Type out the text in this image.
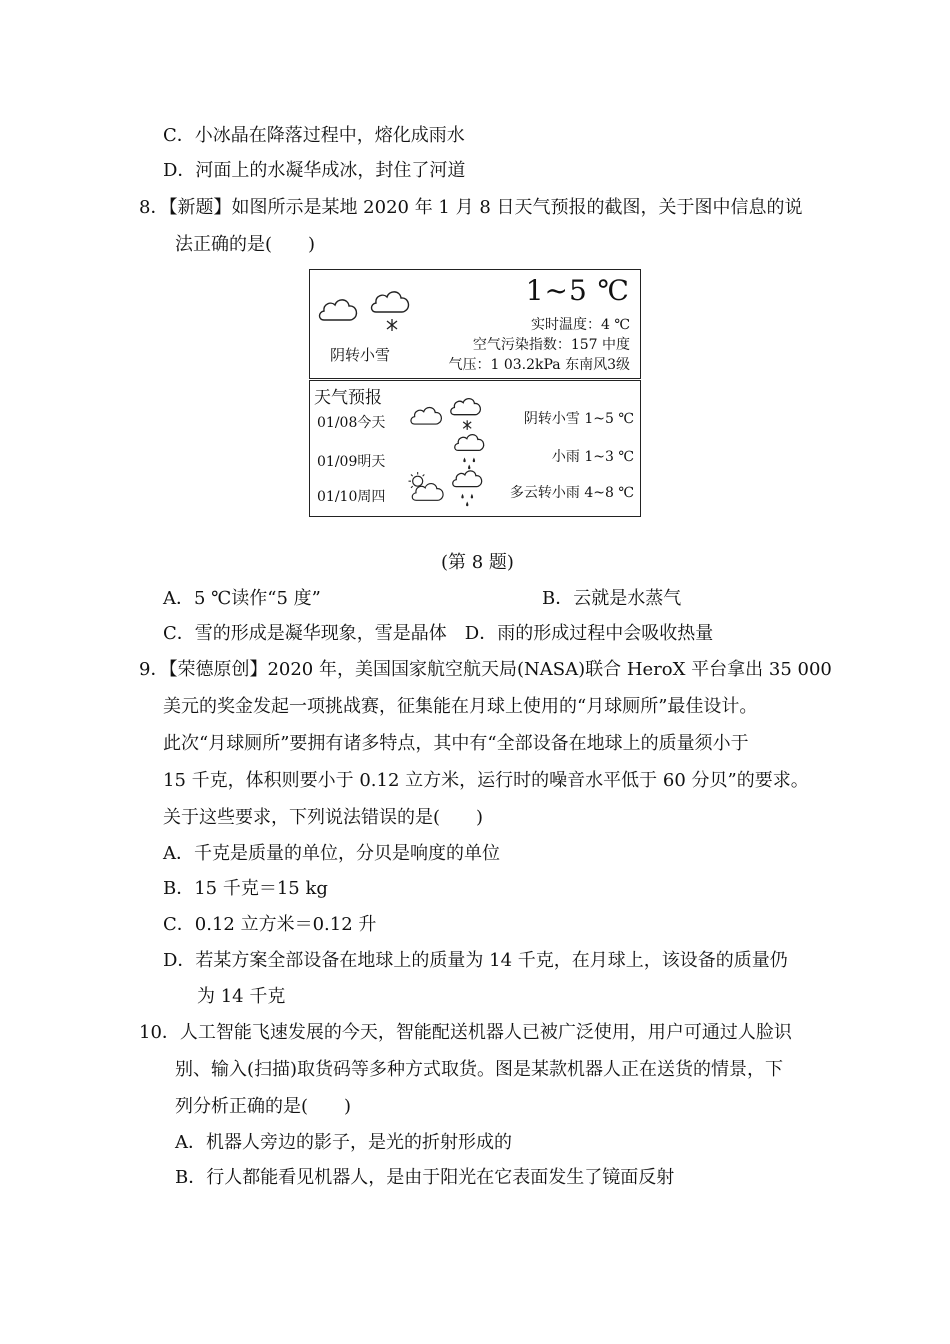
C．小冰晶在降落过程中，熔化成雨水
D．河面上的水凝华成冰，封住了河道
8．【新题】如图所示是某地 2020 年 1 月 8 日天气预报的截图，关于图中信息的说
法正确的是(　　)
阴转小雪
1~5 ℃
实时温度：4 ℃
空气污染指数：157 中度
气压：1 03.2kPa 东南风3级
天气预报
01/08今天	阴转小雪 1~5 ℃
01/09明天	小雨 1~3 ℃
01/10周四	多云转小雨 4~8 ℃
(第 8 题)
A．5 ℃读作“5 度”	B．云就是水蒸气
C．雪的形成是凝华现象，雪是晶体　D．雨的形成过程中会吸收热量
9．【荣德原创】2020 年，美国国家航空航天局(NASA)联合 HeroX 平台拿出 35 000
美元的奖金发起一项挑战赛，征集能在月球上使用的“月球厕所”最佳设计。
此次“月球厕所”要拥有诸多特点，其中有“全部设备在地球上的质量须小于
15 千克，体积则要小于 0.12 立方米，运行时的噪音水平低于 60 分贝”的要求。
关于这些要求，下列说法错误的是(　　)
A．千克是质量的单位，分贝是响度的单位
B．15 千克＝15 kg
C．0.12 立方米＝0.12 升
D．若某方案全部设备在地球上的质量为 14 千克，在月球上，该设备的质量仍
为 14 千克
10．人工智能飞速发展的今天，智能配送机器人已被广泛使用，用户可通过人脸识
别、输入(扫描)取货码等多种方式取货。图是某款机器人正在送货的情景，下
列分析正确的是(　　)
A．机器人旁边的影子，是光的折射形成的
B．行人都能看见机器人，是由于阳光在它表面发生了镜面反射
